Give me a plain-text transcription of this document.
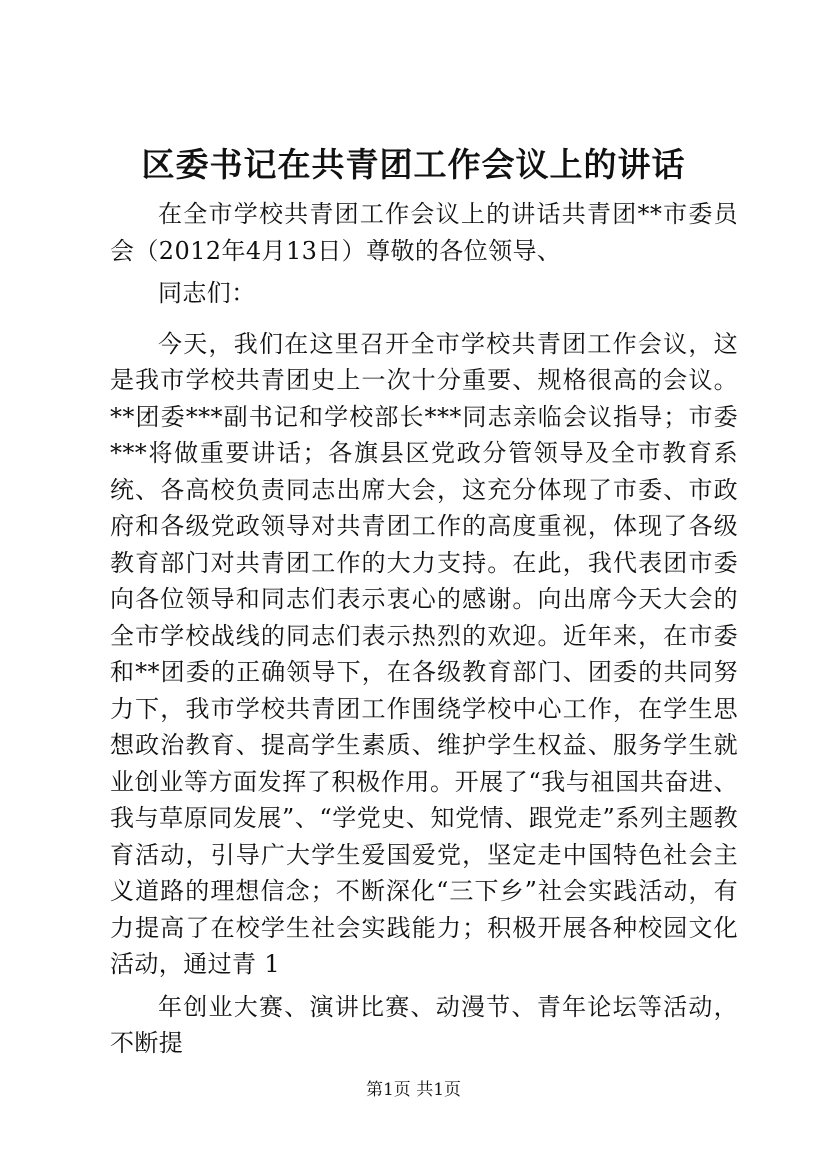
区委书记在共青团工作会议上的讲话

在全市学校共青团工作会议上的讲话共青团**市委员会（2012年4月13日）尊敬的各位领导、

同志们：

今天，我们在这里召开全市学校共青团工作会议，这是我市学校共青团史上一次十分重要、规格很高的会议。**团委***副书记和学校部长***同志亲临会议指导；市委***将做重要讲话；各旗县区党政分管领导及全市教育系统、各高校负责同志出席大会，这充分体现了市委、市政府和各级党政领导对共青团工作的高度重视，体现了各级教育部门对共青团工作的大力支持。在此，我代表团市委向各位领导和同志们表示衷心的感谢。向出席今天大会的全市学校战线的同志们表示热烈的欢迎。近年来，在市委和**团委的正确领导下，在各级教育部门、团委的共同努力下，我市学校共青团工作围绕学校中心工作，在学生思想政治教育、提高学生素质、维护学生权益、服务学生就业创业等方面发挥了积极作用。开展了“我与祖国共奋进、我与草原同发展”、“学党史、知党情、跟党走”系列主题教育活动，引导广大学生爱国爱党，坚定走中国特色社会主义道路的理想信念；不断深化“三下乡”社会实践活动，有力提高了在校学生社会实践能力；积极开展各种校园文化活动，通过青 1

年创业大赛、演讲比赛、动漫节、青年论坛等活动，不断提

第1页 共1页
